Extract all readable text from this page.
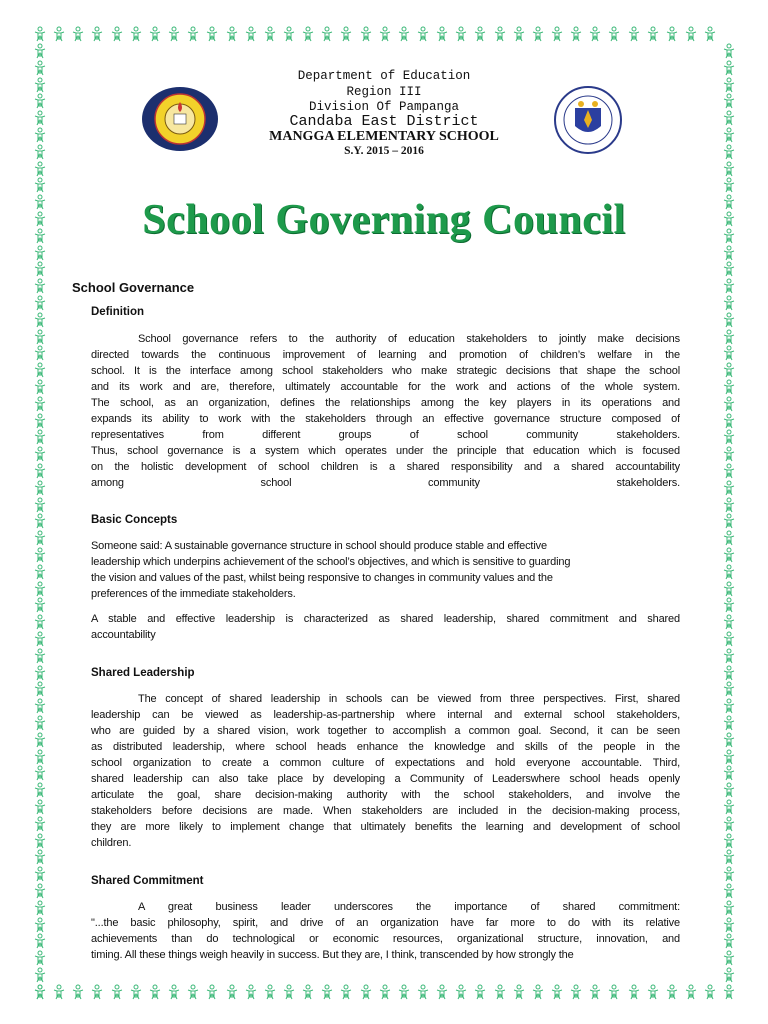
Department of Education
Region III
Division Of Pampanga
Candaba East District
MANGGA ELEMENTARY SCHOOL
S.Y. 2015 – 2016
School Governing Council
School Governance
Definition
School governance refers to the authority of education stakeholders to jointly make decisions
directed towards the continuous improvement of learning and promotion of children’s welfare in the
school. It is the interface among school stakeholders who make strategic decisions that shape the school
and its work and are, therefore, ultimately accountable for the work and actions of the whole system.
The school, as an organization, defines the relationships among the key players in its operations and
expands its ability to work with the stakeholders through an effective governance structure composed of
representatives from different groups of school community stakeholders.
Thus, school governance is a system which operates under the principle that education which is focused
on the holistic development of school children is a shared responsibility and a shared accountability
among school community stakeholders.
Basic Concepts
Someone said: A sustainable governance structure in school should produce stable and effective
leadership which underpins achievement of the school’s objectives, and which is sensitive to guarding
the vision and values of the past, whilst being responsive to changes in community values and the
preferences of the immediate stakeholders.
A stable and effective leadership is characterized as shared leadership, shared commitment and shared
accountability
Shared Leadership
The concept of shared leadership in schools can be viewed from three perspectives. First, shared
leadership can be viewed as leadership-as-partnership where internal and external school stakeholders,
who are guided by a shared vision, work together to accomplish a common goal. Second, it can be seen
as distributed leadership, where school heads enhance the knowledge and skills of the people in the
school organization to create a common culture of expectations and hold everyone accountable. Third,
shared leadership can also take place by developing a Community of Leaderswhere school heads openly
articulate the goal, share decision-making authority with the school stakeholders, and involve the
stakeholders before decisions are made. When stakeholders are included in the decision-making process,
they are more likely to implement change that ultimately benefits the learning and development of school
children.
Shared Commitment
A great business leader underscores the importance of shared commitment:
"...the basic philosophy, spirit, and drive of an organization have far more to do with its relative
achievements than do technological or economic resources, organizational structure, innovation, and
timing. All these things weigh heavily in success. But they are, I think, transcended by how strongly the
